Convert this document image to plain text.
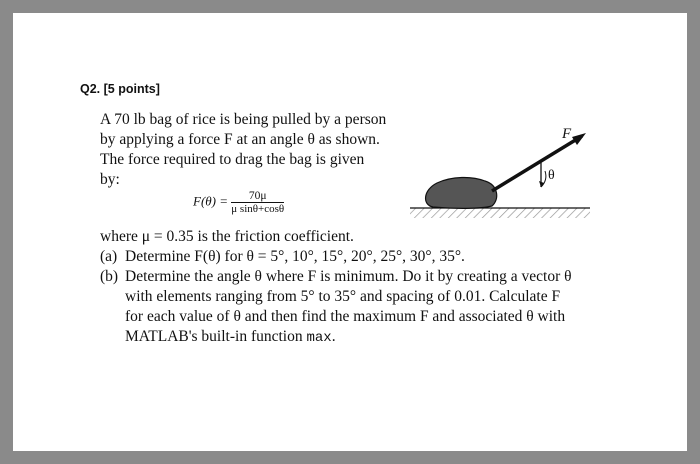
Q2. [5 points]
A 70 lb bag of rice is being pulled by a person
by applying a force F at an angle θ as shown.
The force required to drag the bag is given
by:
$F(\theta) = \frac{70\mu}{\text{μ sinθ+cosθ}}$
where μ = 0.35 is the friction coefficient.
(a) Determine F(θ) for θ = 5°, 10°, 15°, 20°, 25°, 30°, 35°.
(b) Determine the angle θ where F is minimum. Do it by creating a vector θ
with elements ranging from 5° to 35° and spacing of 0.01. Calculate F
for each value of θ and then find the maximum F and associated θ with
MATLAB's built-in function max.
F
θ
